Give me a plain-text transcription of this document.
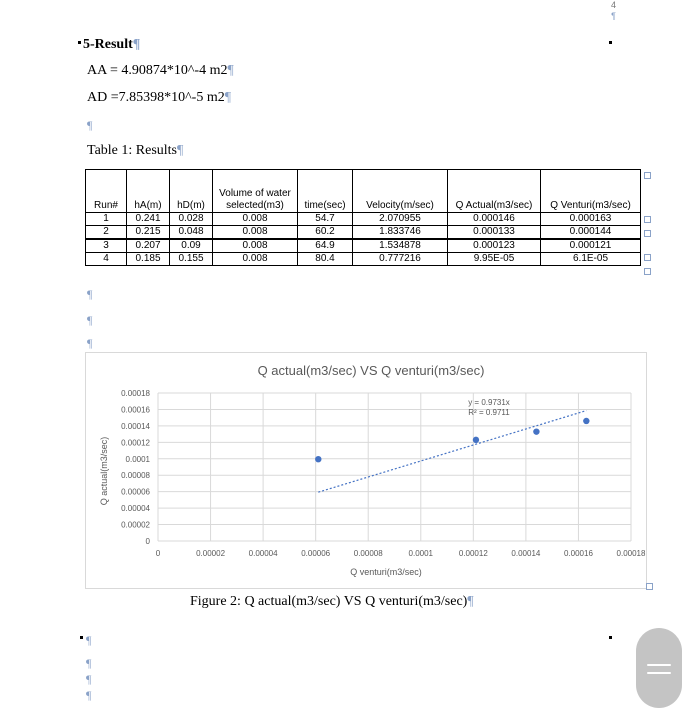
4
¶
5-Result¶
AA = 4.90874*10^-4 m2¶
AD =7.85398*10^-5 m2¶
¶
Table 1: Results¶
Run#	hA(m)	hD(m)	Volume of water selected(m3)	time(sec)	Velocity(m/sec)	Q Actual(m3/sec)	Q Venturi(m3/sec)
1	0.241	0.028	0.008	54.7	2.070955	0.000146	0.000163
2	0.215	0.048	0.008	60.2	1.833746	0.000133	0.000144
3	0.207	0.09	0.008	64.9	1.534878	0.000123	0.000121
4	0.185	0.155	0.008	80.4	0.777216	9.95E-05	6.1E-05
¶
¶
¶
Q actual(m3/sec) VS Q venturi(m3/sec)
0
0.00002
0.00004
0.00006
0.00008
0.0001
0.00012
0.00014
0.00016
0.00018
0	0.00002	0.00004	0.00006	0.00008	0.0001	0.00012	0.00014	0.00016	0.00018
y = 0.9731x
R² = 0.9711
Q venturi(m3/sec)
Q actual(m3/sec)
Figure 2: Q actual(m3/sec) VS Q venturi(m3/sec)¶
¶
¶
¶
¶
